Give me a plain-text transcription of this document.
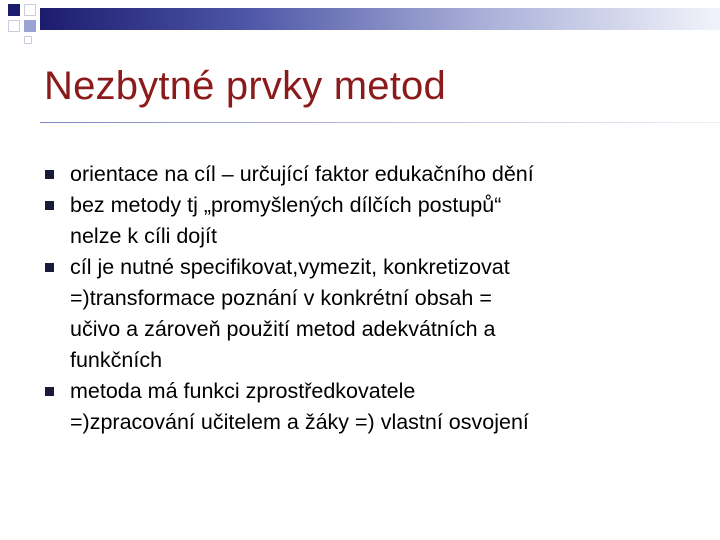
Nezbytné prvky metod
orientace na cíl – určující faktor edukačního dění
bez metody tj „promyšlených dílčích postupů“
nelze k cíli dojít
cíl je nutné specifikovat,vymezit, konkretizovat
=)transformace poznání v konkrétní obsah =
učivo a zároveň použití metod adekvátních a
funkčních
metoda má funkci zprostředkovatele
=)zpracování učitelem a žáky =) vlastní osvojení
